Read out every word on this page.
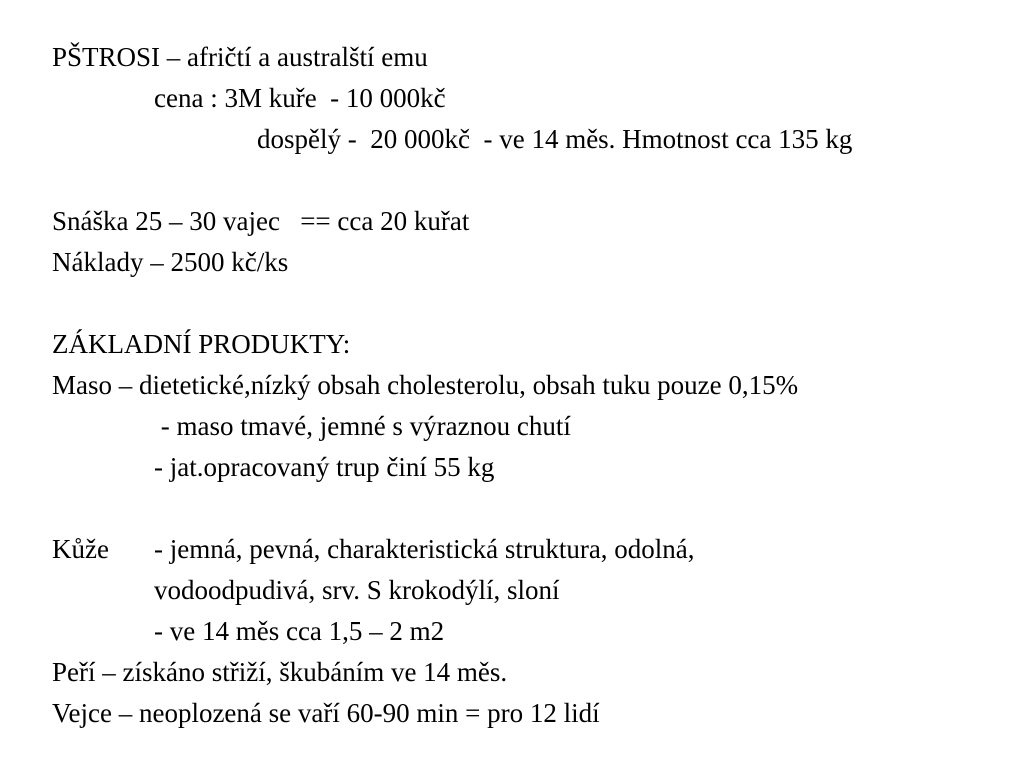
PŠTROSI – afričtí a australští emu
cena : 3M kuře  - 10 000kč
dospělý -  20 000kč  - ve 14 měs. Hmotnost cca 135 kg
Snáška 25 – 30 vajec   == cca 20 kuřat
Náklady – 2500 kč/ks
ZÁKLADNÍ PRODUKTY:
Maso – dietetické,nízký obsah cholesterolu, obsah tuku pouze 0,15%
- maso tmavé, jemné s výraznou chutí
- jat.opracovaný trup činí 55 kg
Kůže - jemná, pevná, charakteristická struktura, odolná,
vodoodpudivá, srv. S krokodýlí, sloní
- ve 14 měs cca 1,5 – 2 m2
Peří – získáno střiží, škubáním ve 14 měs.
Vejce – neoplozená se vaří 60-90 min = pro 12 lidí
